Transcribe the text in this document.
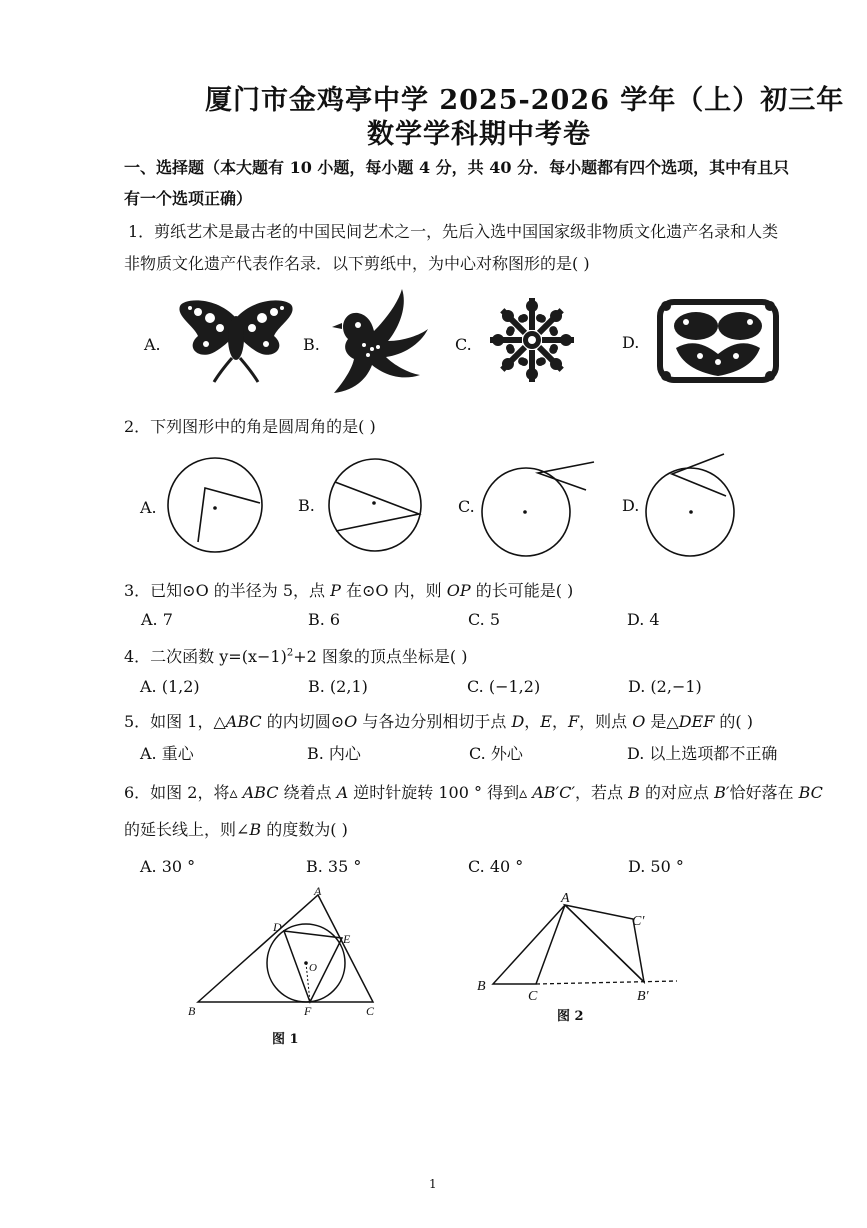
厦门市金鸡亭中学 2025-2026 学年（上）初三年
数学学科期中考卷
一、选择题（本大题有 10 小题，每小题 4 分，共 40 分．每小题都有四个选项，其中有且只
有一个选项正确）
1．剪纸艺术是最古老的中国民间艺术之一，先后入选中国国家级非物质文化遗产名录和人类
非物质文化遗产代表作名录．以下剪纸中，为中心对称图形的是( )
A.	B.	C.	D.
2．下列图形中的角是圆周角的是( )
A.	B.	C.	D.
3．已知⊙O 的半径为 5，点 P 在⊙O 内，则 OP 的长可能是( )
A. 7	B. 6	C. 5	D. 4
4．二次函数 $y=(x-1)^2+2$ 图象的顶点坐标是( )
A. (1,2)	B. (2,1)	C. (−1,2)	D. (2,−1)
5．如图 1，△ABC 的内切圆⊙O 与各边分别相切于点 D，E，F，则点 O 是△DEF 的( )
A. 重心	B. 内心	C. 外心	D. 以上选项都不正确
6．如图 2，将▵ ABC 绕着点 A 逆时针旋转 100 ° 得到▵ AB′C′，若点 B 的对应点 B′恰好落在 BC
的延长线上，则∠B 的度数为( )
A. 30 °	B. 35 °	C. 40 °	D. 50 °
A
B	C
D
E
F
O
图 1
A
B
C	B′
C′
图 2
1
